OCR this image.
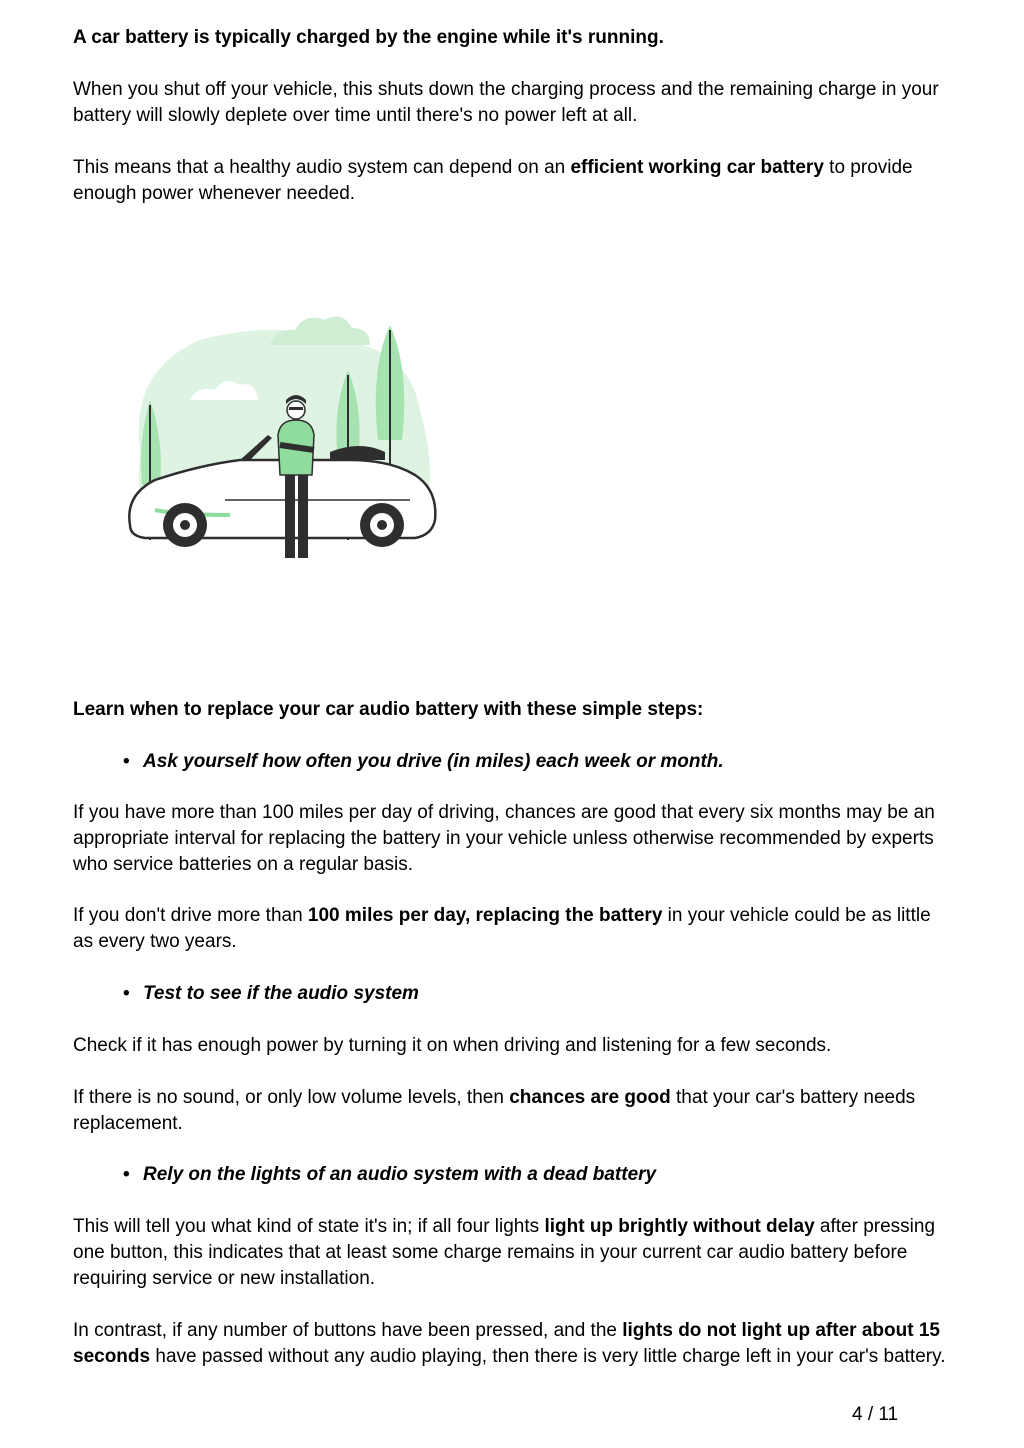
A car battery is typically charged by the engine while it's running.

When you shut off your vehicle, this shuts down the charging process and the remaining charge in your battery will slowly deplete over time until there's no power left at all.

This means that a healthy audio system can depend on an efficient working car battery to provide enough power whenever needed.

Learn when to replace your car audio battery with these simple steps:

• Ask yourself how often you drive (in miles) each week or month.

If you have more than 100 miles per day of driving, chances are good that every six months may be an appropriate interval for replacing the battery in your vehicle unless otherwise recommended by experts who service batteries on a regular basis.

If you don't drive more than 100 miles per day, replacing the battery in your vehicle could be as little as every two years.

• Test to see if the audio system

Check if it has enough power by turning it on when driving and listening for a few seconds.

If there is no sound, or only low volume levels, then chances are good that your car's battery needs replacement.

• Rely on the lights of an audio system with a dead battery

This will tell you what kind of state it's in; if all four lights light up brightly without delay after pressing one button, this indicates that at least some charge remains in your current car audio battery before requiring service or new installation.

In contrast, if any number of buttons have been pressed, and the lights do not light up after about 15 seconds have passed without any audio playing, then there is very little charge left in your car's battery.

4 / 11
